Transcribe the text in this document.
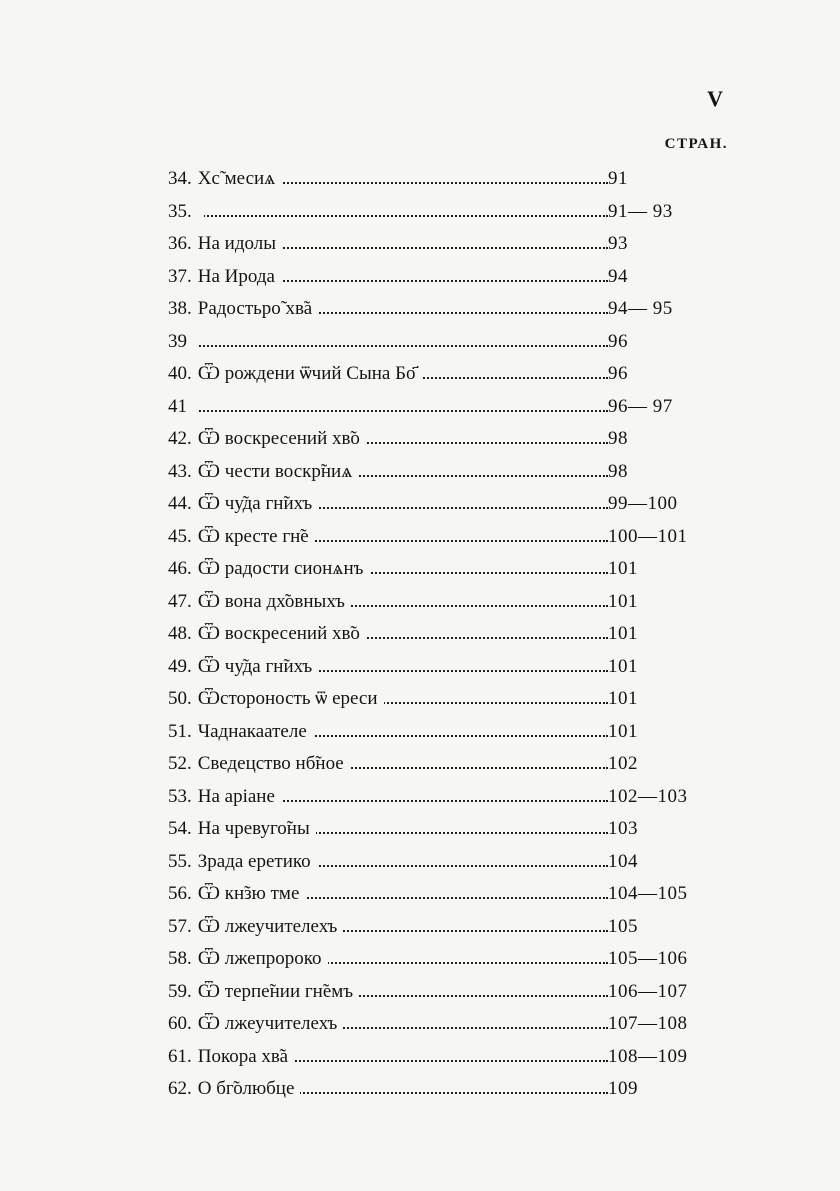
V
СТРАН.
34. Хс̃ месиѧ	91
35.	91— 93
36. На идолы	93
37. На Ирода	94
38. Радостьро̃ хв̃а	94— 95
39	96
40. Ѿ рождени ѿчий Сына Бо҃	96
41	96— 97
42. Ѿ воскресений хв̃о	98
43. Ѿ чести воскр̃ниѧ	98
44. Ѿ чу̃да гн̃ихъ	99—100
45. Ѿ кресте гн̃е	100—101
46. Ѿ радости сионѧнъ	101
47. Ѿ вона дх̃овныхъ	101
48. Ѿ воскресений хв̃о	101
49. Ѿ чу̃да гн̃ихъ	101
50. Ѿстороность ѿ ереси	101
51. Чаднакаателе	101
52. Сведецство нб̃ное	102
53. На аріане	102—103
54. На чревуго̃ны	103
55. Зрада еретико	104
56. Ѿ кн̃зю тме	104—105
57. Ѿ лжеучителехъ	105
58. Ѿ лжепророко	105—106
59. Ѿ терпе̃нии гн̃емъ	106—107
60. Ѿ лжеучителехъ	107—108
61. Покора хв̃а	108—109
62. О бг̃олюбце	109
